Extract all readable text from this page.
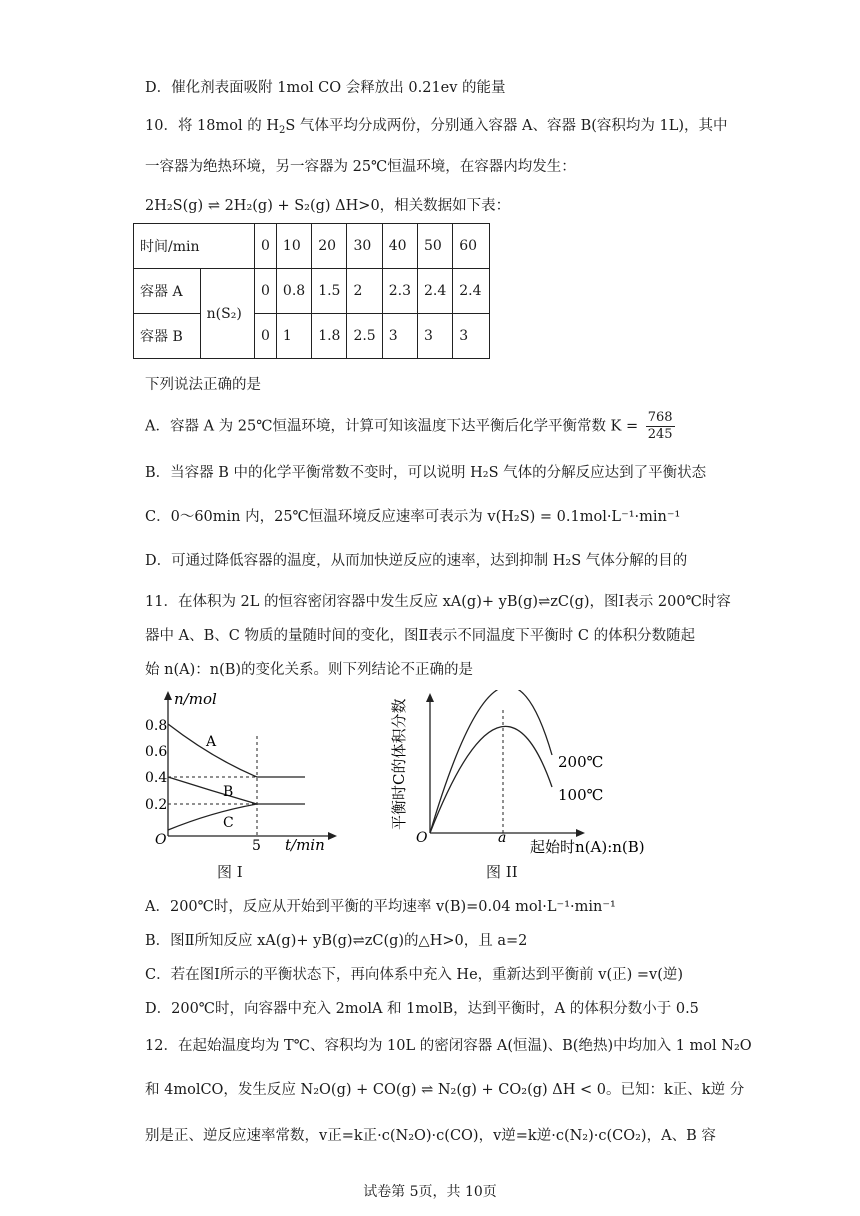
D．催化剂表面吸附 1mol CO 会释放出 0.21ev 的能量
10．将 18mol 的 $H_2S$ 气体平均分成两份，分别通入容器 A、容器 B(容积均为 1L)，其中
一容器为绝热环境，另一容器为 25℃恒温环境，在容器内均发生：
2H₂S(g) ⇌ 2H₂(g) + S₂(g) ΔH>0，相关数据如下表：
时间/min		0	10	20	30	40	50	60
容器 A	n(S₂)	0	0.8	1.5	2	2.3	2.4	2.4
容器 B		0	1	1.8	2.5	3	3	3
下列说法正确的是
A．容器 A 为 25℃恒温环境，计算可知该温度下达平衡后化学平衡常数 $K = \frac{768}{245}$
B．当容器 B 中的化学平衡常数不变时，可以说明 H₂S 气体的分解反应达到了平衡状态
C．0～60min 内，25℃恒温环境反应速率可表示为 v(H₂S) = 0.1mol·L⁻¹·min⁻¹
D．可通过降低容器的温度，从而加快逆反应的速率，达到抑制 H₂S 气体分解的目的
11．在体积为 2L 的恒容密闭容器中发生反应 xA(g)+ yB(g)⇌zC(g)，图Ⅰ表示 200℃时容
器中 A、B、C 物质的量随时间的变化，图Ⅱ表示不同温度下平衡时 C 的体积分数随起
始 n(A)：n(B)的变化关系。则下列结论不正确的是
n/mol
O
0.8
0.6
0.4
0.2
5 t/min
A
B
C
图 I
平衡时C的体积分数
O	a 起始时n(A):n(B)
200℃
100℃
图 II
A．200℃时，反应从开始到平衡的平均速率 v(B)=0.04 mol·L⁻¹·min⁻¹
B．图Ⅱ所知反应 xA(g)+ yB(g)⇌zC(g)的△H>0，且 a=2
C．若在图Ⅰ所示的平衡状态下，再向体系中充入 He，重新达到平衡前 v(正) =v(逆)
D．200℃时，向容器中充入 2molA 和 1molB，达到平衡时，A 的体积分数小于 0.5
12．在起始温度均为 T℃、容积均为 10L 的密闭容器 A(恒温)、B(绝热)中均加入 1 mol N₂O
和 4molCO，发生反应 N₂O(g) + CO(g) ⇌ N₂(g) + CO₂(g) ΔH < 0。已知：k正、k逆 分
别是正、逆反应速率常数，v正=k正·c(N₂O)·c(CO)，v逆=k逆·c(N₂)·c(CO₂)，A、B 容
试卷第 5页，共 10页
